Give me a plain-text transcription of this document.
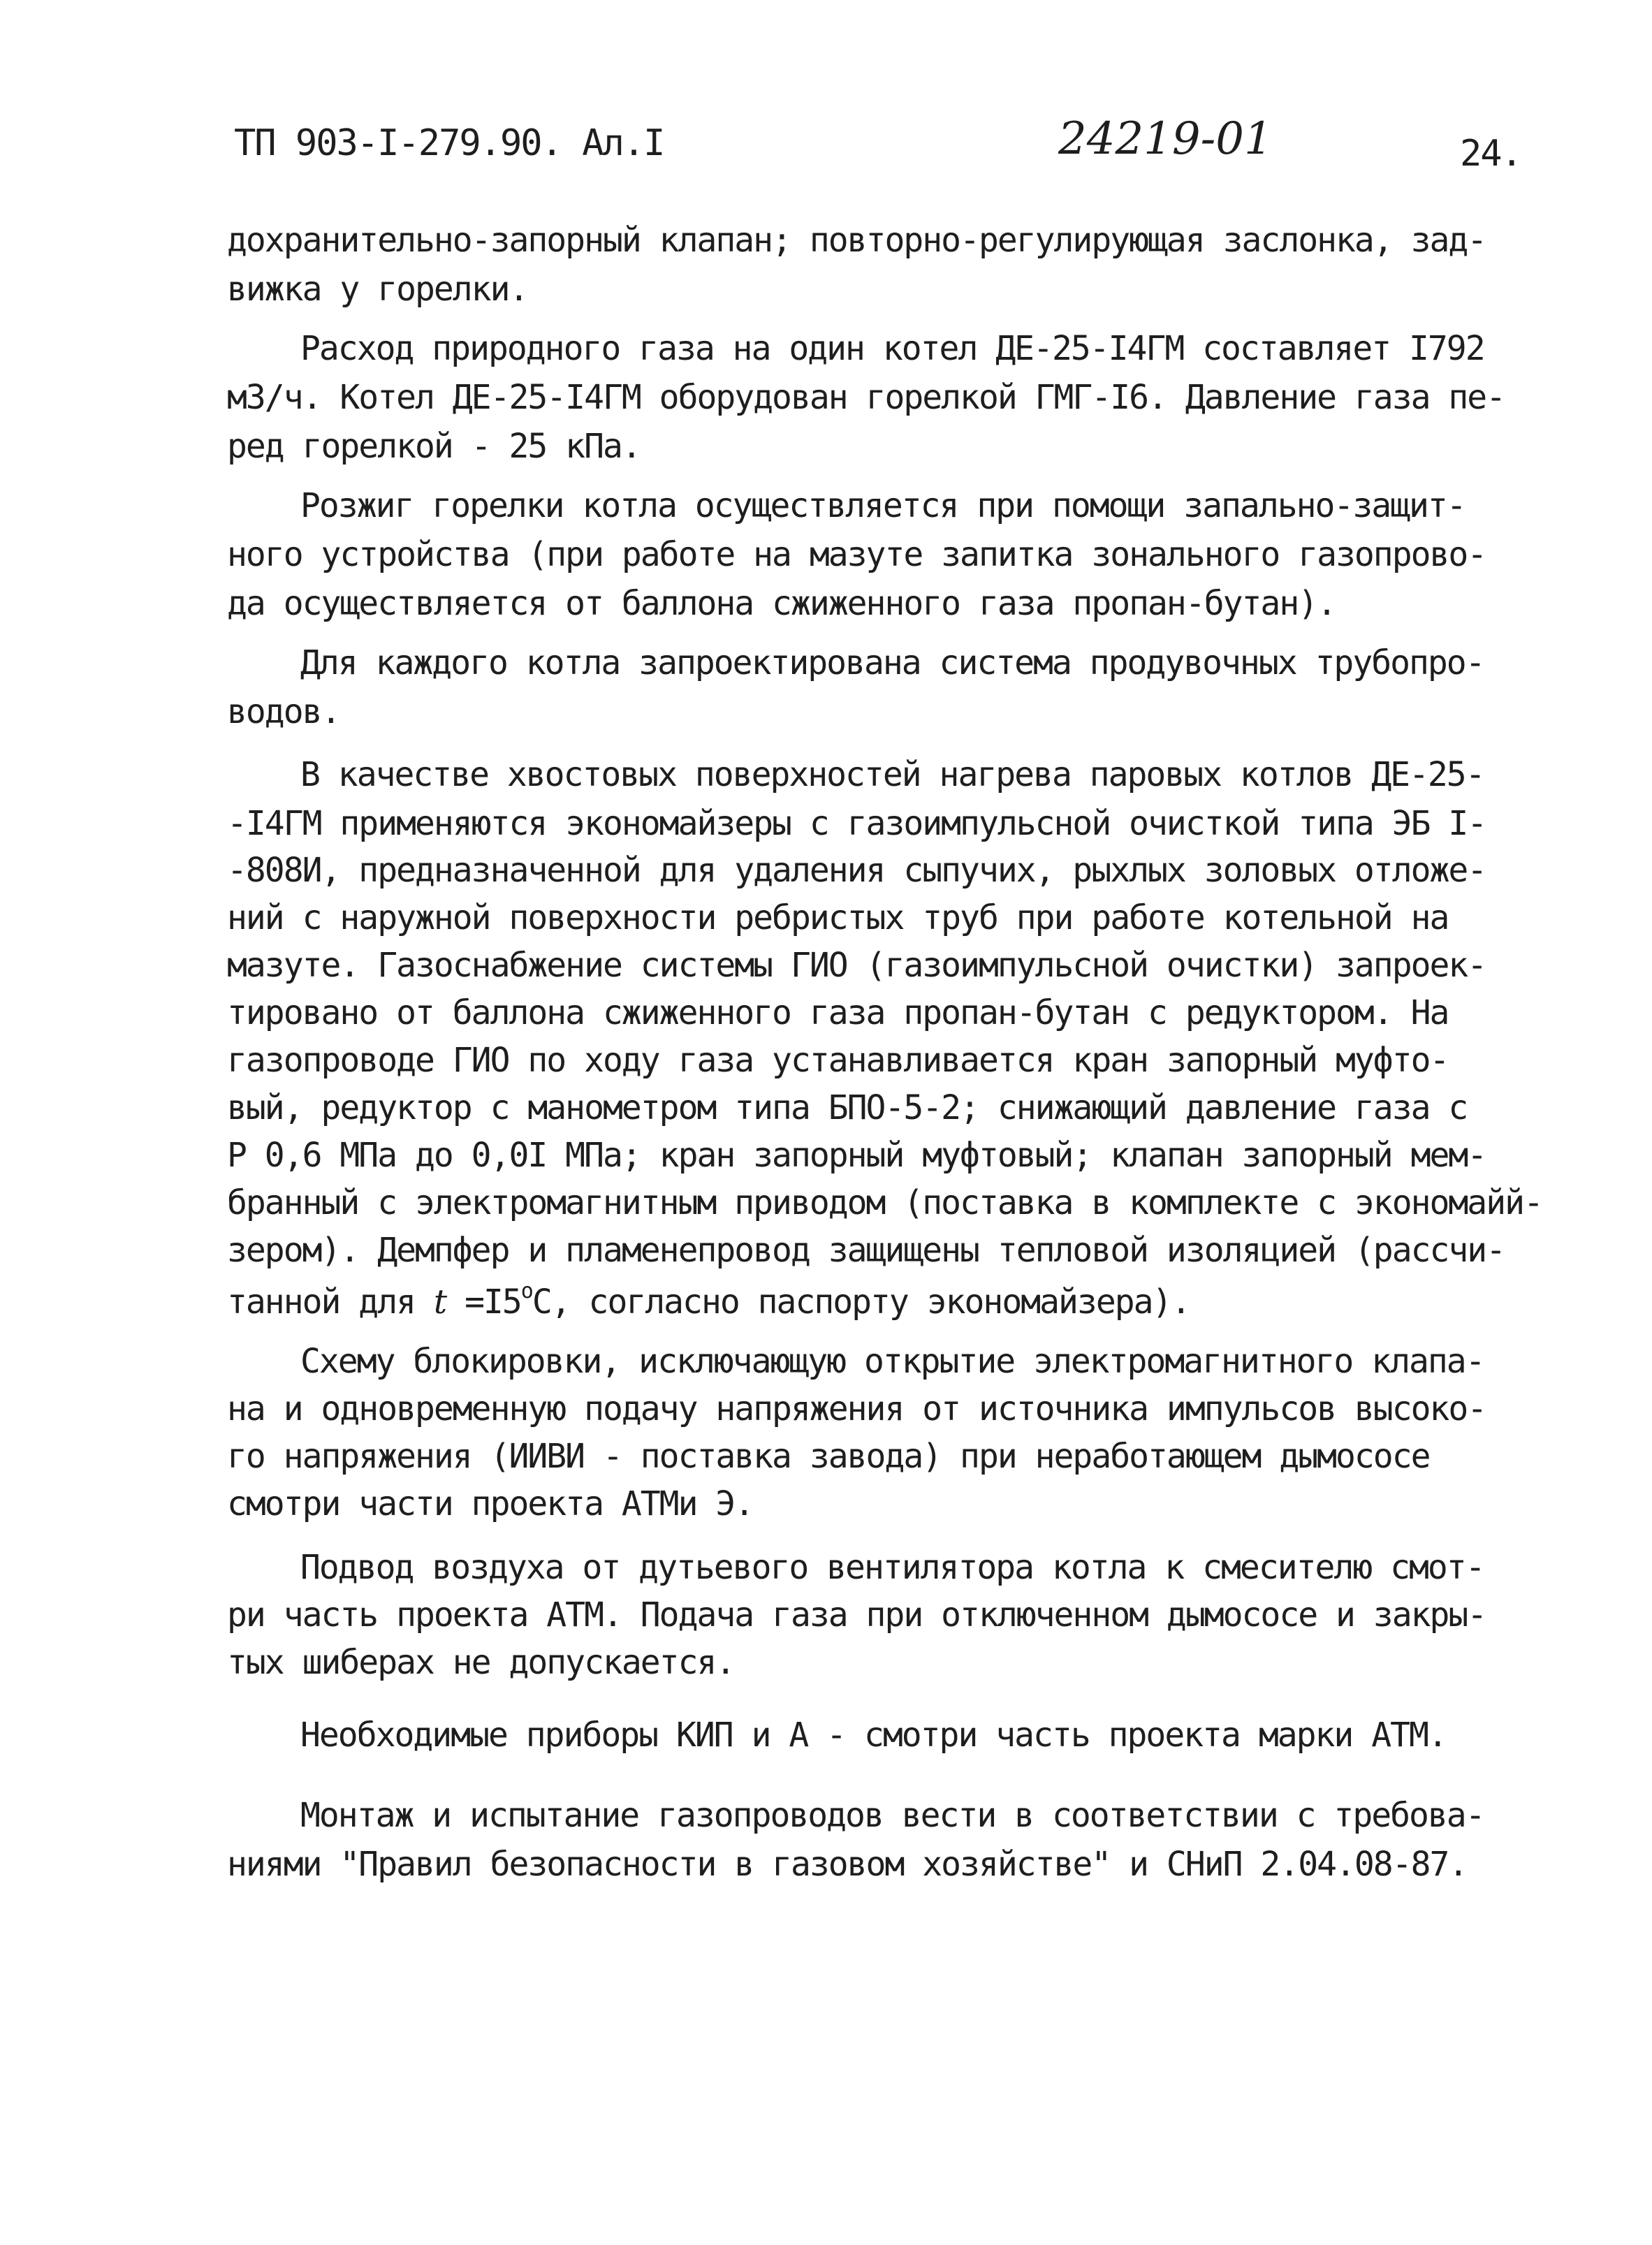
ТП 903-I-279.90. Ал.I	24219-01	24.
дохранительно-запорный клапан; повторно-регулирующая заслонка, зад-
вижка у горелки.
Расход природного газа на один котел ДЕ-25-I4ГМ составляет I792
м3/ч. Котел ДЕ-25-I4ГМ оборудован горелкой ГМГ-I6. Давление газа пе-
ред горелкой - 25 кПа.
Розжиг горелки котла осуществляется при помощи запально-защит-
ного устройства (при работе на мазуте запитка зонального газопрово-
да осуществляется от баллона сжиженного газа пропан-бутан).
Для каждого котла запроектирована система продувочных трубопро-
водов.
В качестве хвостовых поверхностей нагрева паровых котлов ДЕ-25-
-I4ГМ применяются экономайзеры с газоимпульсной очисткой типа ЭБ I-
-808И, предназначенной для удаления сыпучих, рыхлых золовых отложе-
ний с наружной поверхности ребристых труб при работе котельной на
мазуте. Газоснабжение системы ГИО (газоимпульсной очистки) запроек-
тировано от баллона сжиженного газа пропан-бутан с редуктором. На
газопроводе ГИО по ходу газа устанавливается кран запорный муфто-
вый, редуктор с манометром типа БПО-5-2; снижающий давление газа с
Р 0,6 МПа до 0,0I МПа; кран запорный муфтовый; клапан запорный мем-
бранный с электромагнитным приводом (поставка в комплекте с экономайй-
зером). Демпфер и пламенепровод защищены тепловой изоляцией (рассчи-
танной для $t =I5^oС$, согласно паспорту экономайзера).
Схему блокировки, исключающую открытие электромагнитного клапа-
на и одновременную подачу напряжения от источника импульсов высоко-
го напряжения (ИИВИ - поставка завода) при неработающем дымососе
смотри части проекта АТМи Э.
Подвод воздуха от дутьевого вентилятора котла к смесителю смот-
ри часть проекта АТМ. Подача газа при отключенном дымососе и закры-
тых шиберах не допускается.
Необходимые приборы КИП и А - смотри часть проекта марки АТМ.
Монтаж и испытание газопроводов вести в соответствии с требова-
ниями "Правил безопасности в газовом хозяйстве" и СНиП 2.04.08-87.
